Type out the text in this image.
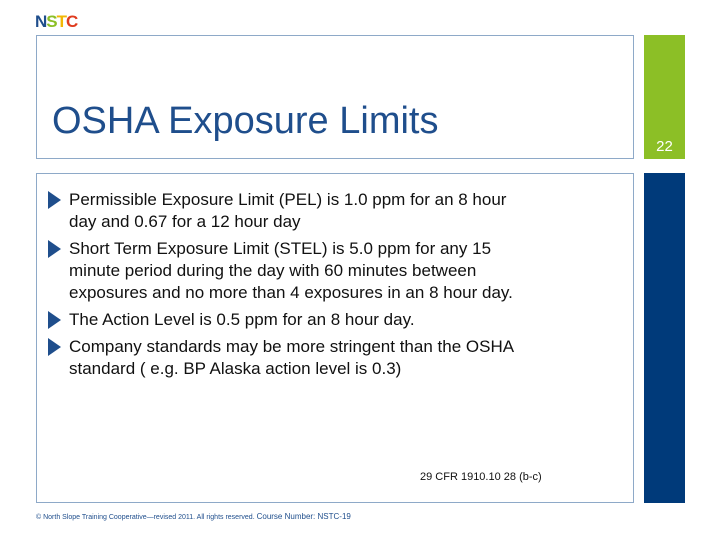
N S T C
OSHA Exposure Limits
22
Permissible Exposure Limit (PEL) is 1.0 ppm for an 8 hour day and 0.67 for a 12 hour day
Short Term Exposure Limit (STEL) is 5.0 ppm for any 15 minute period during the day with 60 minutes between exposures and no more than 4 exposures in an 8 hour day.
The Action Level is 0.5 ppm for an 8 hour day.
Company standards may be more stringent than the OSHA standard ( e.g. BP Alaska action level is 0.3)
29 CFR 1910.10 28 (b-c)
© North Slope Training Cooperative—revised 2011. All rights reserved. Course Number: NSTC-19
